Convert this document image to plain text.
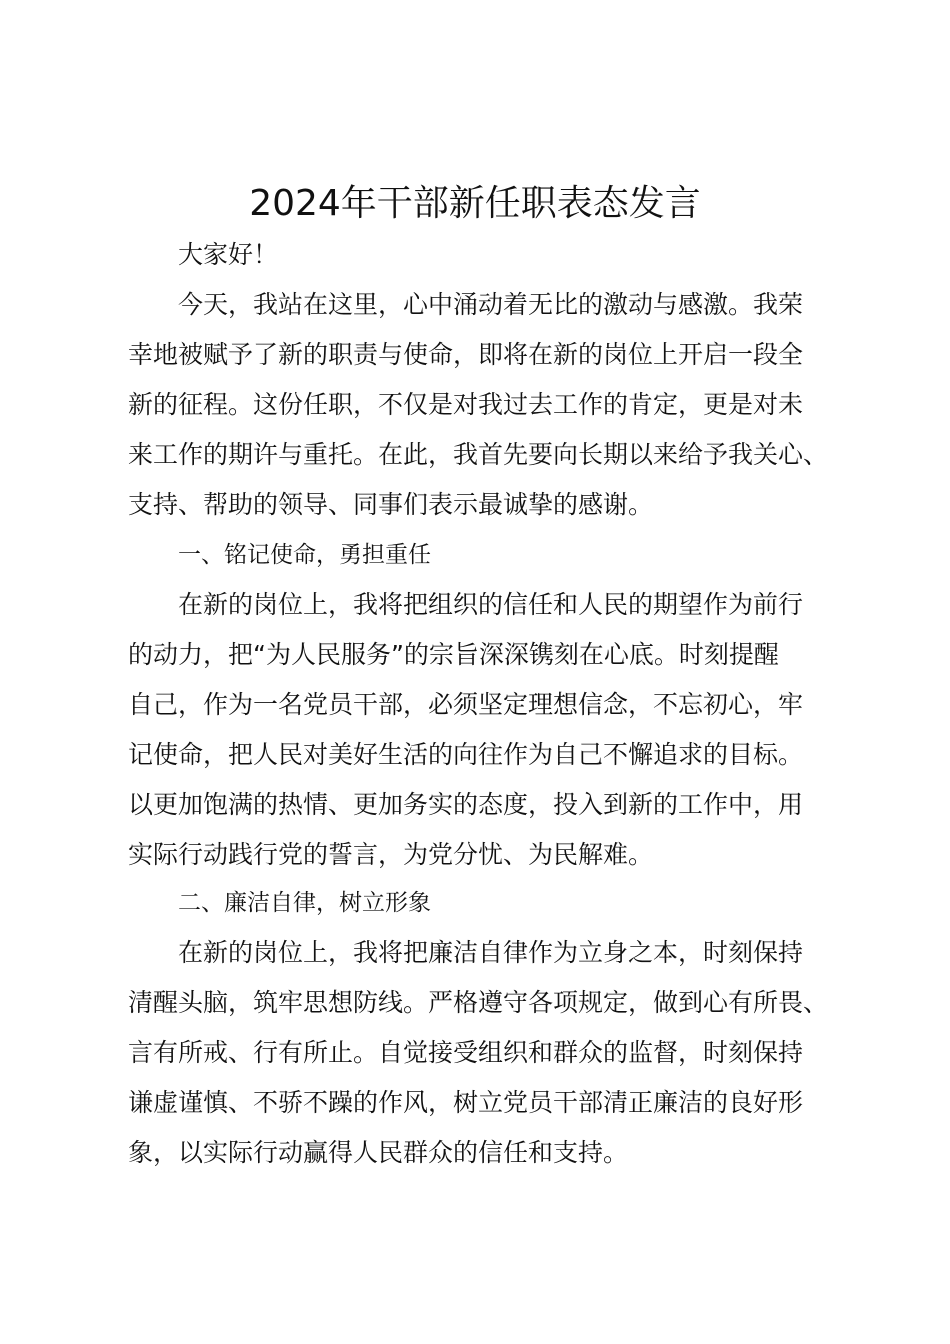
2024年干部新任职表态发言
大家好！
今天，我站在这里，心中涌动着无比的激动与感激。我荣
幸地被赋予了新的职责与使命，即将在新的岗位上开启一段全
新的征程。这份任职，不仅是对我过去工作的肯定，更是对未
来工作的期许与重托。在此，我首先要向长期以来给予我关心、
支持、帮助的领导、同事们表示最诚挚的感谢。
一、铭记使命，勇担重任
在新的岗位上，我将把组织的信任和人民的期望作为前行
的动力，把“为人民服务”的宗旨深深镌刻在心底。时刻提醒
自己，作为一名党员干部，必须坚定理想信念，不忘初心，牢
记使命，把人民对美好生活的向往作为自己不懈追求的目标。
以更加饱满的热情、更加务实的态度，投入到新的工作中，用
实际行动践行党的誓言，为党分忧、为民解难。
二、廉洁自律，树立形象
在新的岗位上，我将把廉洁自律作为立身之本，时刻保持
清醒头脑，筑牢思想防线。严格遵守各项规定，做到心有所畏、
言有所戒、行有所止。自觉接受组织和群众的监督，时刻保持
谦虚谨慎、不骄不躁的作风，树立党员干部清正廉洁的良好形
象，以实际行动赢得人民群众的信任和支持。
